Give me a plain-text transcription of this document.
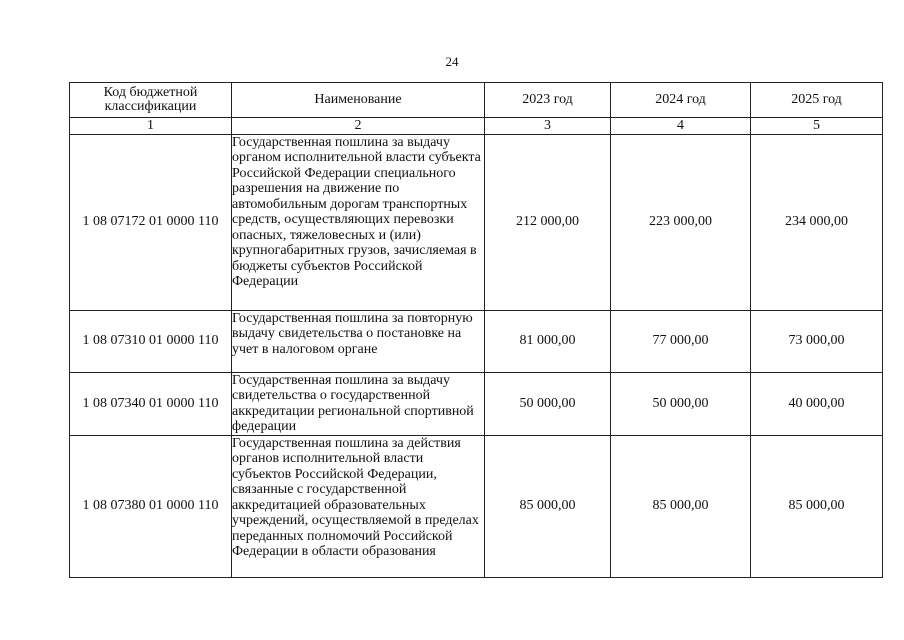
24
Код бюджетной классификации	Наименование	2023 год	2024 год	2025 год
1	2	3	4	5
1 08 07172 01 0000 110	Государственная пошлина за выдачу органом исполнительной власти субъекта Российской Федерации специального разрешения на движение по автомобильным дорогам транспортных средств, осуществляющих перевозки опасных, тяжеловесных и (или) крупногабаритных грузов, зачисляемая в бюджеты субъектов Российской Федерации	212 000,00	223 000,00	234 000,00
1 08 07310 01 0000 110	Государственная пошлина за повторную выдачу свидетельства о постановке на учет в налоговом органе	81 000,00	77 000,00	73 000,00
1 08 07340 01 0000 110	Государственная пошлина за выдачу свидетельства о государственной аккредитации региональной спортивной федерации	50 000,00	50 000,00	40 000,00
1 08 07380 01 0000 110	Государственная пошлина за действия органов исполнительной власти субъектов Российской Федерации, связанные с государственной аккредитацией образовательных учреждений, осуществляемой в пределах переданных полномочий Российской Федерации в области образования	85 000,00	85 000,00	85 000,00
